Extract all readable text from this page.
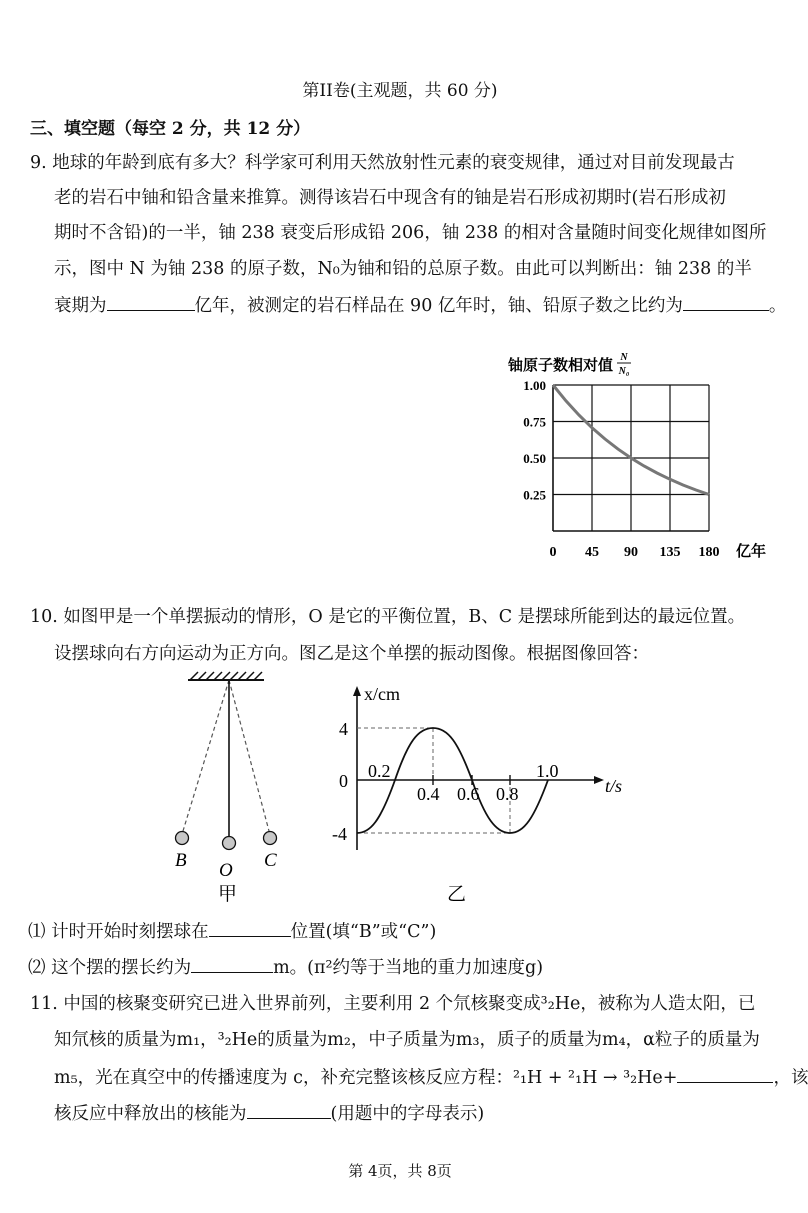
第II卷(主观题，共 60 分)
三、填空题（每空 2 分，共 12 分）
9. 地球的年龄到底有多大？科学家可利用天然放射性元素的衰变规律，通过对目前发现最古
老的岩石中铀和铅含量来推算。测得该岩石中现含有的铀是岩石形成初期时(岩石形成初
期时不含铅)的一半，铀 238 衰变后形成铅 206，铀 238 的相对含量随时间变化规律如图所
示，图中 N 为铀 238 的原子数，N₀为铀和铅的总原子数。由此可以判断出：铀 238 的半
衰期为	亿年，被测定的岩石样品在 90 亿年时，铀、铅原子数之比约为	。
铀原子数相对值
N
N₀
1.00
0.75
0.50
0.25
0 45 90 135 180 亿年
10. 如图甲是一个单摆振动的情形，O 是它的平衡位置，B、C 是摆球所能到达的最远位置。
设摆球向右方向运动为正方向。图乙是这个单摆的振动图像。根据图像回答：
B O C
甲
x/cm
t/s
4
0
-4
0.2
0.4 0.6 0.8
1.0
乙
⑴ 计时开始时刻摆球在	位置(填“B”或“C”)
⑵ 这个摆的摆长约为	m。(π²约等于当地的重力加速度g)
11. 中国的核聚变研究已进入世界前列，主要利用 2 个氘核聚变成³₂He，被称为人造太阳，已
知氘核的质量为m₁，³₂He的质量为m₂，中子质量为m₃，质子的质量为m₄，α粒子的质量为
m₅，光在真空中的传播速度为 c，补充完整该核反应方程：²₁H + ²₁H → ³₂He+	，该
核反应中释放出的核能为	(用题中的字母表示)
第 4页，共 8页
